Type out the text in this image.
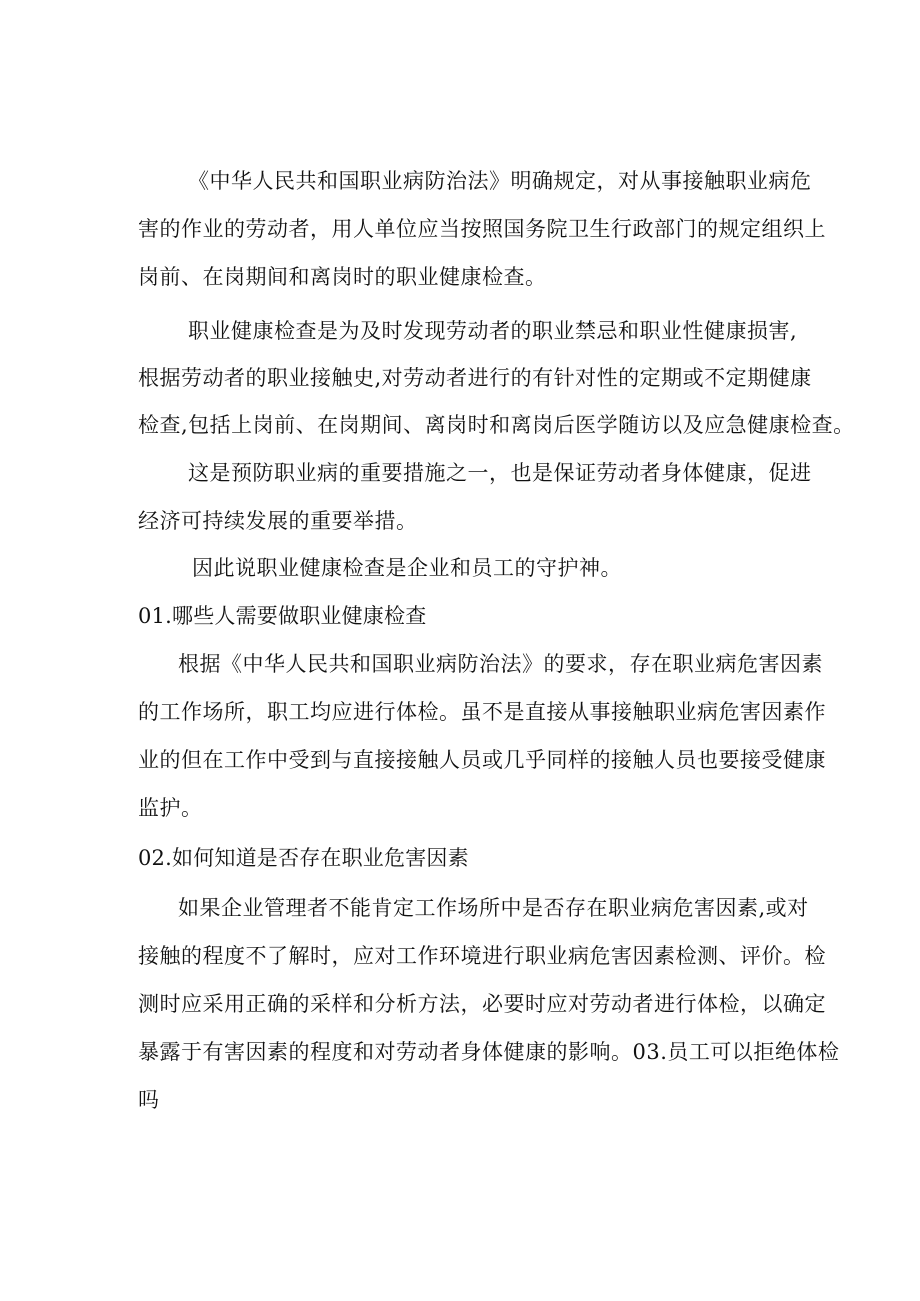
《中华人民共和国职业病防治法》明确规定，对从事接触职业病危
害的作业的劳动者，用人单位应当按照国务院卫生行政部门的规定组织上
岗前、在岗期间和离岗时的职业健康检查。
职业健康检查是为及时发现劳动者的职业禁忌和职业性健康损害,
根据劳动者的职业接触史,对劳动者进行的有针对性的定期或不定期健康
检查,包括上岗前、在岗期间、离岗时和离岗后医学随访以及应急健康检查。
这是预防职业病的重要措施之一，也是保证劳动者身体健康，促进
经济可持续发展的重要举措。
因此说职业健康检查是企业和员工的守护神。
01.哪些人需要做职业健康检查
根据《中华人民共和国职业病防治法》的要求，存在职业病危害因素
的工作场所，职工均应进行体检。虽不是直接从事接触职业病危害因素作
业的但在工作中受到与直接接触人员或几乎同样的接触人员也要接受健康
监护。
02.如何知道是否存在职业危害因素
如果企业管理者不能肯定工作场所中是否存在职业病危害因素,或对
接触的程度不了解时，应对工作环境进行职业病危害因素检测、评价。检
测时应采用正确的采样和分析方法，必要时应对劳动者进行体检，以确定
暴露于有害因素的程度和对劳动者身体健康的影响。03.员工可以拒绝体检
吗
